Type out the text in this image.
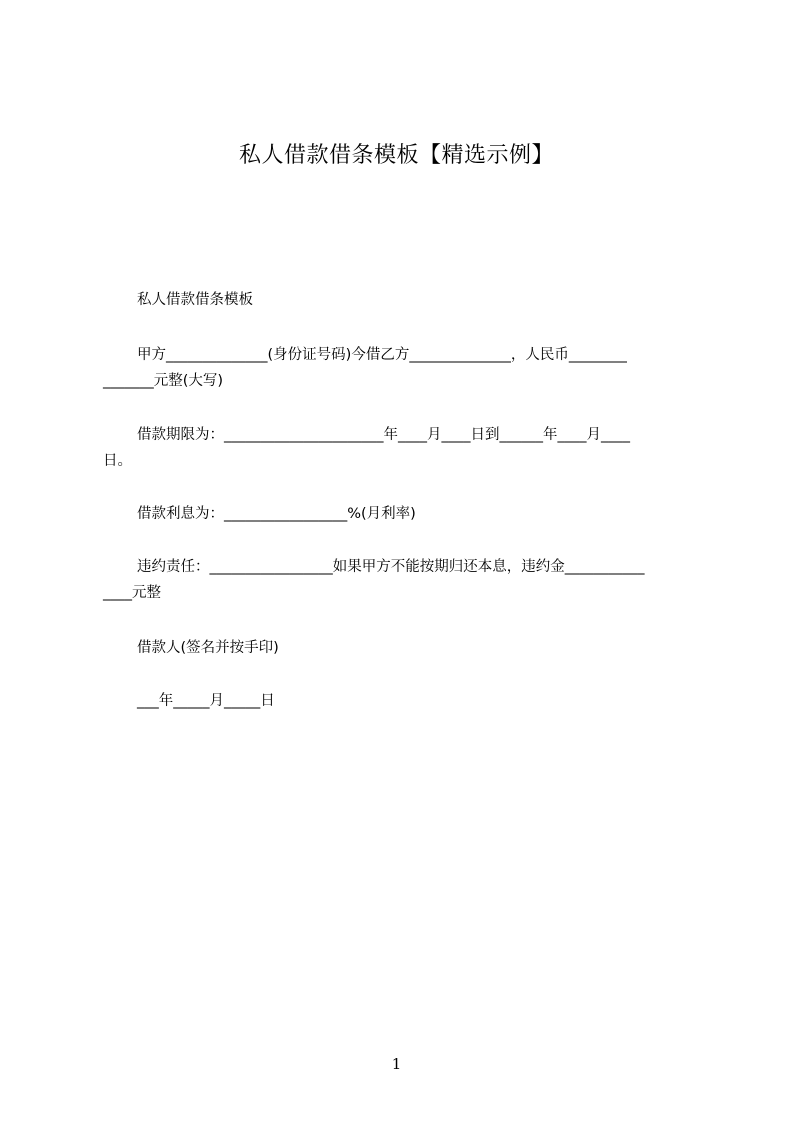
私人借款借条模板【精选示例】
私人借款借条模板
甲方______________(身份证号码)今借乙方______________，人民币________
_______元整(大写)
借款期限为：______________________年____月____日到______年____月____
日。
借款利息为：_________________%(月利率)
违约责任：_________________如果甲方不能按期归还本息，违约金___________
____元整
借款人(签名并按手印)
___年_____月_____日
1
